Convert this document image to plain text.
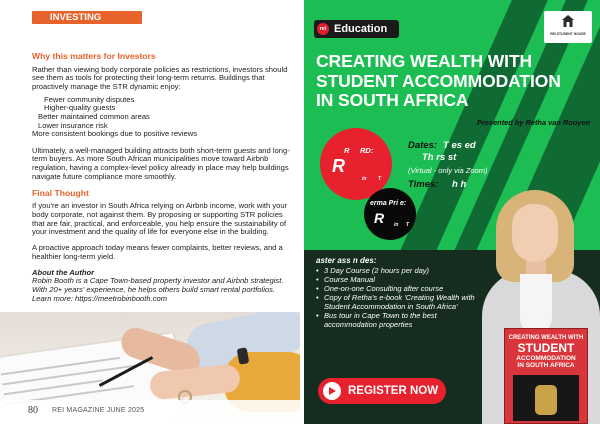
INVESTING
Why this matters for Investors

Rather than viewing body corporate policies as restrictions, investors should see them as tools for protecting their long-term returns. Buildings that proactively manage the STR dynamic enjoy:

Fewer community disputes
Higher-quality guests
Better maintained common areas
Lower insurance risk
More consistent bookings due to positive reviews

Ultimately, a well-managed building attracts both short-term guests and long-term buyers. As more South African municipalities move toward Airbnb regulation, having a complex-level policy already in place may help buildings navigate future compliance more smoothly.

Final Thought

If you're an investor in South Africa relying on Airbnb income, work with your body corporate, not against them. By proposing or supporting STR policies that are fair, practical, and enforceable, you help ensure the sustainability of your investment and the quality of life for everyone else in the building.

A proactive approach today means fewer complaints, better reviews, and a healthier long-term yield.

About the Author

Robin Booth is a Cape Town-based property investor and Airbnb strategist. With 20+ years' experience, he helps others build smart rental portfolios. Learn more: https://meetrobinbooth.com

80 REI MAGAZINE JUNE 2025
rei Education	REI STUDENT HOUSE
CREATING WEALTH WITH
STUDENT ACCOMMODATION
IN SOUTH AFRICA
Presented by Retha van Rooyen
R RD:
R
in T
erma Pri e:
R in T
Dates: T es ed
Th rs st
(Virtual - only via Zoom)
Times: h h
aster ass n des:
• 3 Day Course (2 hours per day)
• Course Manual
• One-on-one Consulting after course
• Copy of Retha's e-book 'Creating Wealth with Student Accommodation in South Africa'
• Bus tour in Cape Town to the best accommodation properties
CREATING WEALTH WITH
STUDENT
ACCOMMODATION
IN SOUTH AFRICA
REGISTER NOW
